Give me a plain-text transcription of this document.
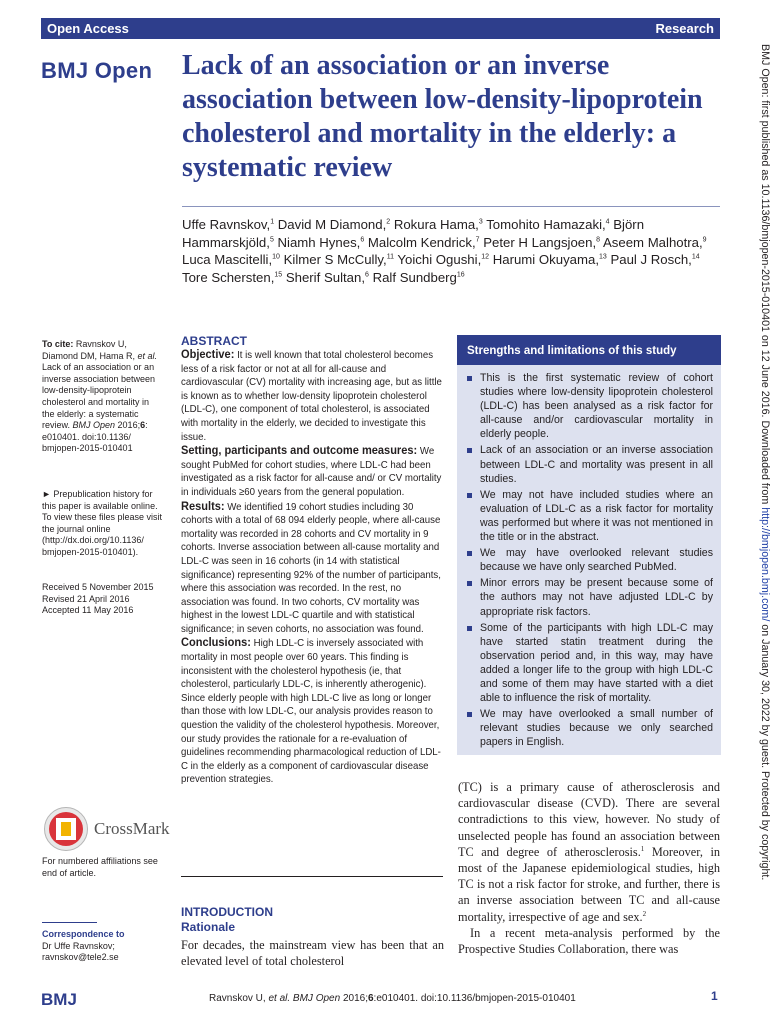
Open Access	Research
BMJ Open Lack of an association or an inverse association between low-density-lipoprotein cholesterol and mortality in the elderly: a systematic review
Uffe Ravnskov,$^1$ David M Diamond,$^2$ Rokura Hama,$^3$ Tomohito Hamazaki,$^4$ Björn Hammarskjöld,$^5$ Niamh Hynes,$^6$ Malcolm Kendrick,$^7$ Peter H Langsjoen,$^8$ Aseem Malhotra,$^9$ Luca Mascitelli,$^{10}$ Kilmer S McCully,$^{11}$ Yoichi Ogushi,$^{12}$ Harumi Okuyama,$^{13}$ Paul J Rosch,$^{14}$ Tore Schersten,$^{15}$ Sherif Sultan,$^6$ Ralf Sundberg$^{16}$	BMJ Open: first published as 10.1136/bmjopen-2015-010401 on 12 June 2016. Downloaded from http://bmjopen.bmj.com/ on January 30, 2022 by guest. Protected by copyright.
To cite: Ravnskov U, Diamond DM, Hama R, et al. Lack of an association or an inverse association between low-density-lipoprotein cholesterol and mortality in the elderly: a systematic review. BMJ Open 2016;6: e010401. doi:10.1136/ bmjopen-2015-010401
► Prepublication history for this paper is available online. To view these files please visit the journal online (http://dx.doi.org/10.1136/ bmjopen-2015-010401).
Received 5 November 2015
Revised 21 April 2016
Accepted 11 May 2016
CrossMark
For numbered affiliations see end of article.
Correspondence to
Dr Uffe Ravnskov;
ravnskov@tele2.se
ABSTRACT

Objective: It is well known that total cholesterol becomes less of a risk factor or not at all for all-cause and cardiovascular (CV) mortality with increasing age, but as little is known as to whether low-density lipoprotein cholesterol (LDL-C), one component of total cholesterol, is associated with mortality in the elderly, we decided to investigate this issue.

Setting, participants and outcome measures: We sought PubMed for cohort studies, where LDL-C had been investigated as a risk factor for all-cause and/ or CV mortality in individuals ≥60 years from the general population.

Results: We identified 19 cohort studies including 30 cohorts with a total of 68 094 elderly people, where all-cause mortality was recorded in 28 cohorts and CV mortality in 9 cohorts. Inverse association between all-cause mortality and LDL-C was seen in 16 cohorts (in 14 with statistical significance) representing 92% of the number of participants, where this association was recorded. In the rest, no association was found. In two cohorts, CV mortality was highest in the lowest LDL-C quartile and with statistical significance; in seven cohorts, no association was found.

Conclusions: High LDL-C is inversely associated with mortality in most people over 60 years. This finding is inconsistent with the cholesterol hypothesis (ie, that cholesterol, particularly LDL-C, is inherently atherogenic). Since elderly people with high LDL-C live as long or longer than those with low LDL-C, our analysis provides reason to question the validity of the cholesterol hypothesis. Moreover, our study provides the rationale for a re-evaluation of guidelines recommending pharmacological reduction of LDL-C in the elderly as a component of cardiovascular disease prevention strategies.

INTRODUCTION
Rationale
For decades, the mainstream view has been that an elevated level of total cholesterol
Strengths and limitations of this study
This is the first systematic review of cohort studies where low-density lipoprotein cholesterol (LDL-C) has been analysed as a risk factor for all-cause and/or cardiovascular mortality in elderly people.
Lack of an association or an inverse association between LDL-C and mortality was present in all studies.
We may not have included studies where an evaluation of LDL-C as a risk factor for mortality was performed but where it was not mentioned in the title or in the abstract.
We may have overlooked relevant studies because we have only searched PubMed.
Minor errors may be present because some of the authors may not have adjusted LDL-C by appropriate risk factors.
Some of the participants with high LDL-C may have started statin treatment during the observation period and, in this way, may have added a longer life to the group with high LDL-C and some of them may have started with a diet able to influence the risk of mortality.
We may have overlooked a small number of relevant studies because we only searched papers in English.

(TC) is a primary cause of atherosclerosis and cardiovascular disease (CVD). There are several contradictions to this view, however. No study of unselected people has found an association between TC and degree of atherosclerosis.$^1$ Moreover, in most of the Japanese epidemiological studies, high TC is not a risk factor for stroke, and further, there is an inverse association between TC and all-cause mortality, irrespective of age and sex.$^2$

In a recent meta-analysis performed by the Prospective Studies Collaboration, there was

BMJ	Ravnskov U, et al. BMJ Open 2016;6:e010401. doi:10.1136/bmjopen-2015-010401	1
